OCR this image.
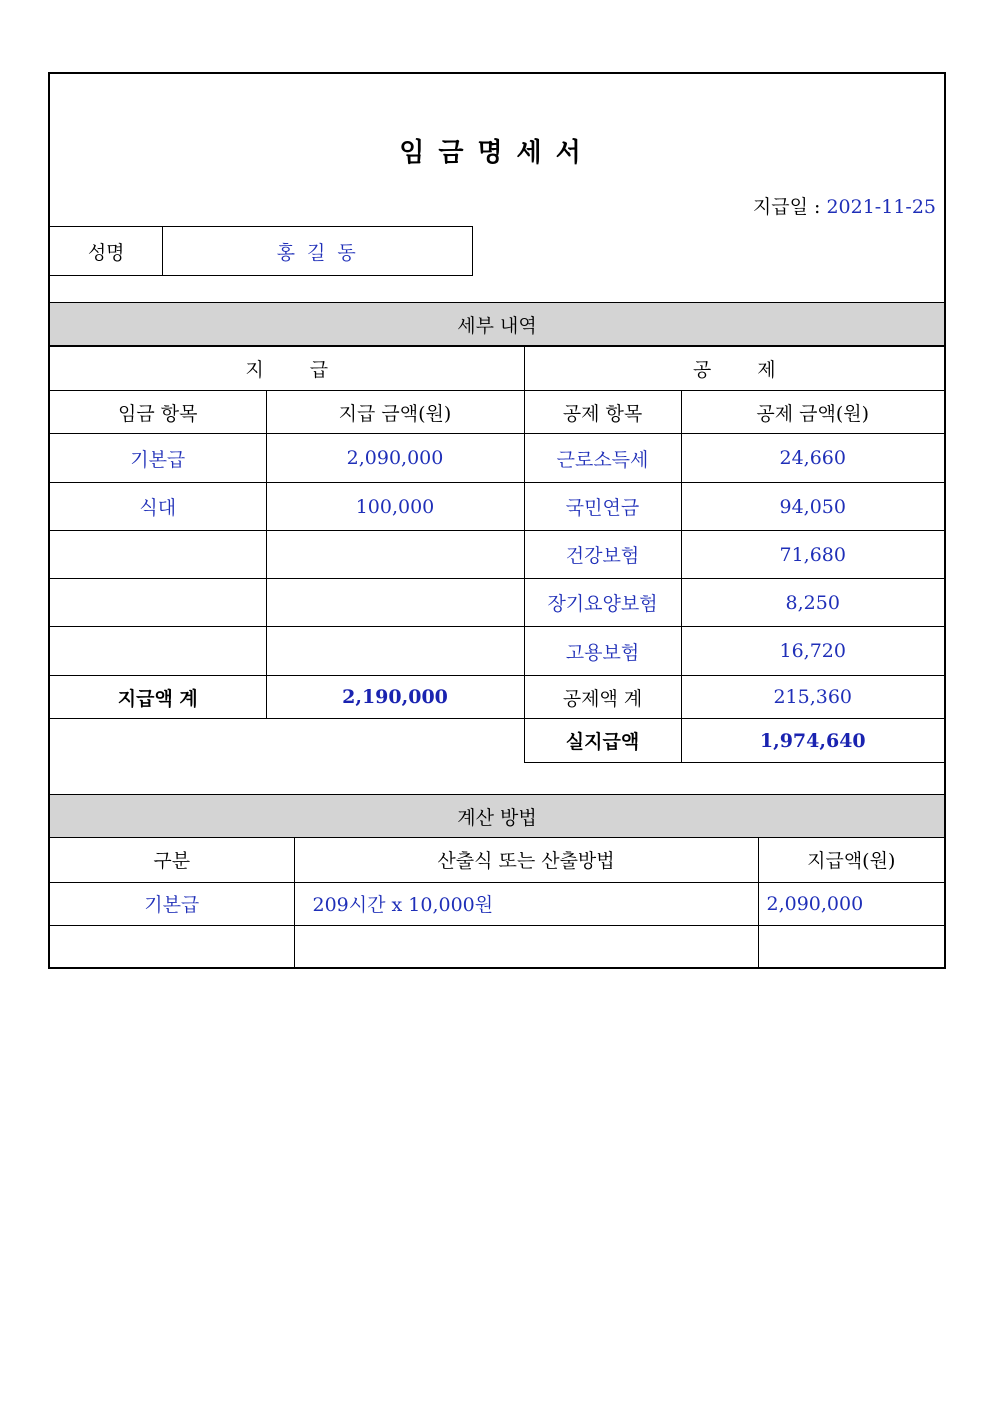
임금명세서
지급일 : 2021-11-25
성명	홍 길 동
세부 내역
지 급		공 제	
임금 항목	지급 금액(원)	공제 항목	공제 금액(원)
기본급	2,090,000	근로소득세	24,660
식대	100,000	국민연금	94,050
		건강보험	71,680
		장기요양보험	8,250
		고용보험	16,720
지급액 계	2,190,000	공제액 계	215,360
		실지급액	1,974,640
계산 방법
구분	산출식 또는 산출방법	지급액(원)
기본급	209시간 x 10,000원	2,090,000
